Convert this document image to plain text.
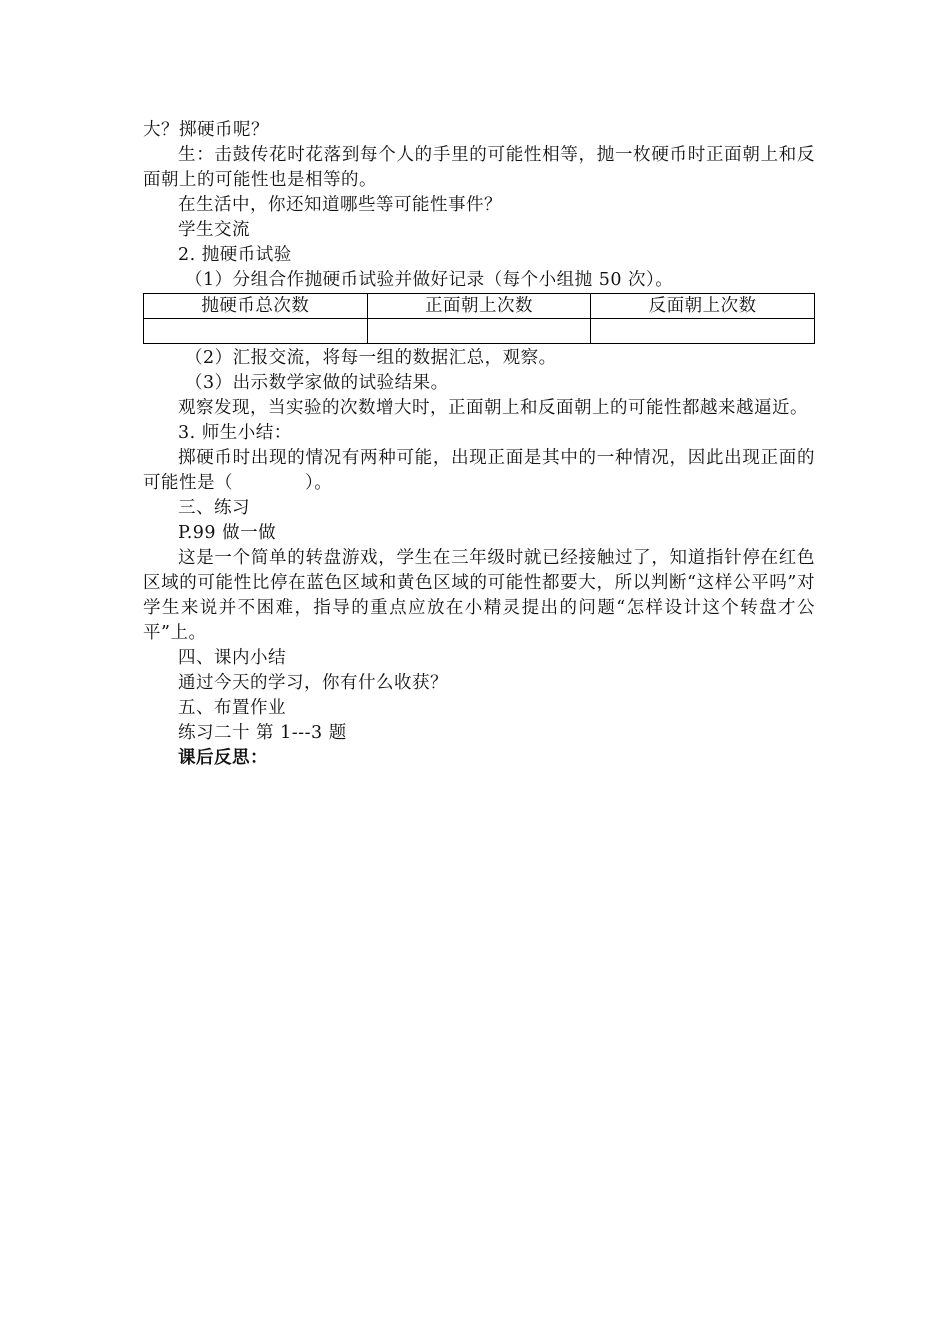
大？掷硬币呢？

生：击鼓传花时花落到每个人的手里的可能性相等，抛一枚硬币时正面朝上和反面朝上的可能性也是相等的。

在生活中，你还知道哪些等可能性事件？

学生交流

2. 抛硬币试验

（1）分组合作抛硬币试验并做好记录（每个小组抛 50 次）。

抛硬币总次数	正面朝上次数	反面朝上次数

（2）汇报交流，将每一组的数据汇总，观察。

（3）出示数学家做的试验结果。

观察发现，当实验的次数增大时，正面朝上和反面朝上的可能性都越来越逼近。

3. 师生小结：

掷硬币时出现的情况有两种可能，出现正面是其中的一种情况，因此出现正面的可能性是（	）。

三、练习

P.99 做一做

这是一个简单的转盘游戏，学生在三年级时就已经接触过了，知道指针停在红色区域的可能性比停在蓝色区域和黄色区域的可能性都要大，所以判断“这样公平吗”对学生来说并不困难，指导的重点应放在小精灵提出的问题“怎样设计这个转盘才公平”上。

四、课内小结

通过今天的学习，你有什么收获？

五、布置作业

练习二十 第 1---3 题

课后反思：
